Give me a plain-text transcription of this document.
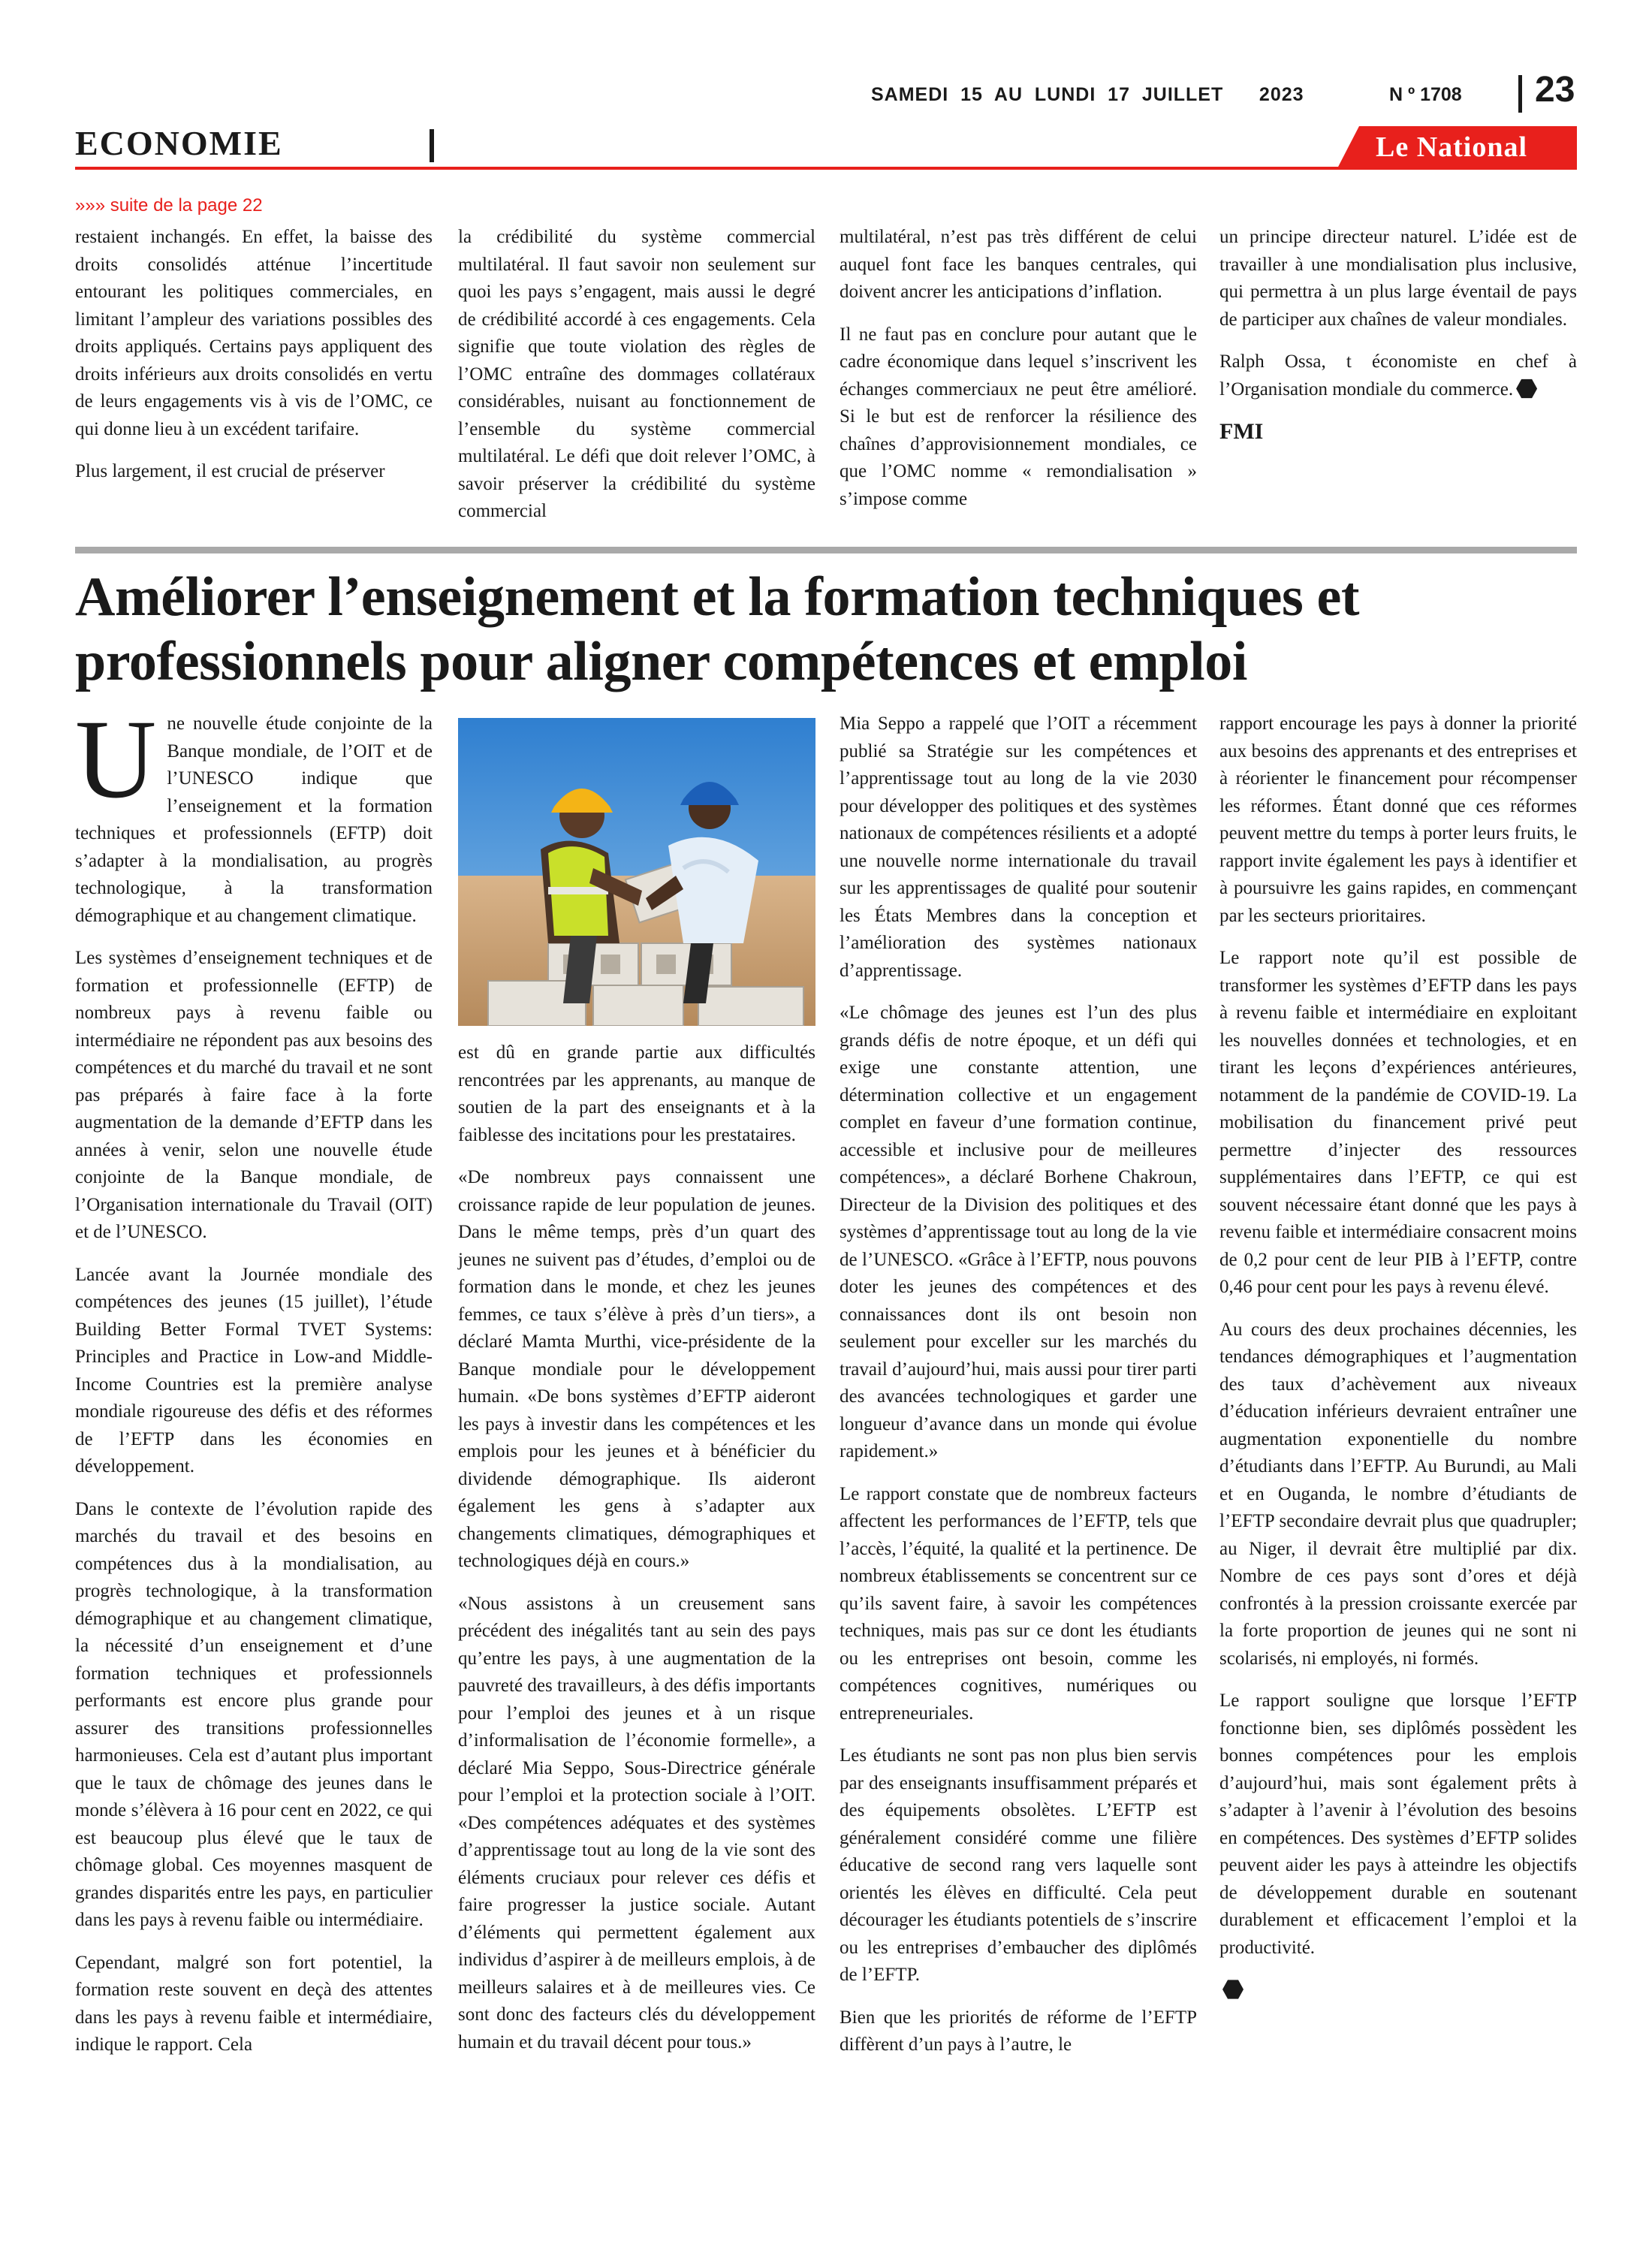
SAMEDI  15  AU  LUNDI  17  JUILLET      2023	N º 1708 23
ECONOMIE	Le National
»»» suite de la page 22

restaient inchangés. En effet, la baisse des droits consolidés atténue l’incertitude entourant les politiques commerciales, en limitant l’ampleur des variations possibles des droits appliqués. Certains pays appliquent des droits inférieurs aux droits consolidés en vertu de leurs engagements vis à vis de l’OMC, ce qui donne lieu à un excédent tarifaire.

Plus largement, il est crucial de préserver

la crédibilité du système commercial multilatéral. Il faut savoir non seulement sur quoi les pays s’engagent, mais aussi le degré de crédibilité accordé à ces engagements. Cela signifie que toute violation des règles de l’OMC entraîne des dommages collatéraux considérables, nuisant au fonctionnement de l’ensemble du système commercial multilatéral. Le défi que doit relever l’OMC, à savoir préserver la crédibilité du système commercial

multilatéral, n’est pas très différent de celui auquel font face les banques centrales, qui doivent ancrer les anticipations d’inflation.

Il ne faut pas en conclure pour autant que le cadre économique dans lequel s’inscrivent les échanges commerciaux ne peut être amélioré. Si le but est de renforcer la résilience des chaînes d’approvisionnement mondiales, ce que l’OMC nomme « remondialisation » s’impose comme

un principe directeur naturel. L’idée est de travailler à une mondialisation plus inclusive, qui permettra à un plus large éventail de pays de participer aux chaînes de valeur mondiales.

Ralph Ossa, t économiste en chef à l’Organisation mondiale du commerce.

FMI

Améliorer l’enseignement et la formation techniques et professionnels pour aligner compétences et emploi

Une nouvelle étude conjointe de la Banque mondiale, de l’OIT et de l’UNESCO indique que l’enseignement et la formation techniques et professionnels (EFTP) doit s’adapter à la mondialisation, au progrès technologique, à la transformation démographique et au changement climatique.

Les systèmes d’enseignement techniques et de formation et professionnelle (EFTP) de nombreux pays à revenu faible ou intermédiaire ne répondent pas aux besoins des compétences et du marché du travail et ne sont pas préparés à faire face à la forte augmentation de la demande d’EFTP dans les années à venir, selon une nouvelle étude conjointe de la Banque mondiale, de l’Organisation internationale du Travail (OIT) et de l’UNESCO.

Lancée avant la Journée mondiale des compétences des jeunes (15 juillet), l’étude Building Better Formal TVET Systems: Principles and Practice in Low-and Middle-Income Countries est la première analyse mondiale rigoureuse des défis et des réformes de l’EFTP dans les économies en développement.

Dans le contexte de l’évolution rapide des marchés du travail et des besoins en compétences dus à la mondialisation, au progrès technologique, à la transformation démographique et au changement climatique, la nécessité d’un enseignement et d’une formation techniques et professionnels performants est encore plus grande pour assurer des transitions professionnelles harmonieuses. Cela est d’autant plus important que le taux de chômage des jeunes dans le monde s’élèvera à 16 pour cent en 2022, ce qui est beaucoup plus élevé que le taux de chômage global. Ces moyennes masquent de grandes disparités entre les pays, en particulier dans les pays à revenu faible ou intermédiaire.

Cependant, malgré son fort potentiel, la formation reste souvent en deçà des attentes dans les pays à revenu faible et intermédiaire, indique le rapport. Cela

est dû en grande partie aux difficultés rencontrées par les apprenants, au manque de soutien de la part des enseignants et à la faiblesse des incitations pour les prestataires.

«De nombreux pays connaissent une croissance rapide de leur population de jeunes. Dans le même temps, près d’un quart des jeunes ne suivent pas d’études, d’emploi ou de formation dans le monde, et chez les jeunes femmes, ce taux s’élève à près d’un tiers», a déclaré Mamta Murthi, vice-présidente de la Banque mondiale pour le développement humain. «De bons systèmes d’EFTP aideront les pays à investir dans les compétences et les emplois pour les jeunes et à bénéficier du dividende démographique. Ils aideront également les gens à s’adapter aux changements climatiques, démographiques et technologiques déjà en cours.»

«Nous assistons à un creusement sans précédent des inégalités tant au sein des pays qu’entre les pays, à une augmentation de la pauvreté des travailleurs, à des défis importants pour l’emploi des jeunes et à un risque d’informalisation de l’économie formelle», a déclaré Mia Seppo, Sous-Directrice générale pour l’emploi et la protection sociale à l’OIT. «Des compétences adéquates et des systèmes d’apprentissage tout au long de la vie sont des éléments cruciaux pour relever ces défis et faire progresser la justice sociale. Autant d’éléments qui permettent également aux individus d’aspirer à de meilleurs emplois, à de meilleurs salaires et à de meilleures vies. Ce sont donc des facteurs clés du développement humain et du travail décent pour tous.»

Mia Seppo a rappelé que l’OIT a récemment publié sa Stratégie sur les compétences et l’apprentissage tout au long de la vie 2030 pour développer des politiques et des systèmes nationaux de compétences résilients et a adopté une nouvelle norme internationale du travail sur les apprentissages de qualité pour soutenir les États Membres dans la conception et l’amélioration des systèmes nationaux d’apprentissage.

«Le chômage des jeunes est l’un des plus grands défis de notre époque, et un défi qui exige une constante attention, une détermination collective et un engagement complet en faveur d’une formation continue, accessible et inclusive pour de meilleures compétences», a déclaré Borhene Chakroun, Directeur de la Division des politiques et des systèmes d’apprentissage tout au long de la vie de l’UNESCO. «Grâce à l’EFTP, nous pouvons doter les jeunes des compétences et des connaissances dont ils ont besoin non seulement pour exceller sur les marchés du travail d’aujourd’hui, mais aussi pour tirer parti des avancées technologiques et garder une longueur d’avance dans un monde qui évolue rapidement.»

Le rapport constate que de nombreux facteurs affectent les performances de l’EFTP, tels que l’accès, l’équité, la qualité et la pertinence. De nombreux établissements se concentrent sur ce qu’ils savent faire, à savoir les compétences techniques, mais pas sur ce dont les étudiants ou les entreprises ont besoin, comme les compétences cognitives, numériques ou entrepreneuriales.

Les étudiants ne sont pas non plus bien servis par des enseignants insuffisamment préparés et des équipements obsolètes. L’EFTP est généralement considéré comme une filière éducative de second rang vers laquelle sont orientés les élèves en difficulté. Cela peut décourager les étudiants potentiels de s’inscrire ou les entreprises d’embaucher des diplômés de l’EFTP.

Bien que les priorités de réforme de l’EFTP diffèrent d’un pays à l’autre, le

rapport encourage les pays à donner la priorité aux besoins des apprenants et des entreprises et à réorienter le financement pour récompenser les réformes. Étant donné que ces réformes peuvent mettre du temps à porter leurs fruits, le rapport invite également les pays à identifier et à poursuivre les gains rapides, en commençant par les secteurs prioritaires.

Le rapport note qu’il est possible de transformer les systèmes d’EFTP dans les pays à revenu faible et intermédiaire en exploitant les nouvelles données et technologies, et en tirant les leçons d’expériences antérieures, notamment de la pandémie de COVID-19. La mobilisation du financement privé peut permettre d’injecter des ressources supplémentaires dans l’EFTP, ce qui est souvent nécessaire étant donné que les pays à revenu faible et intermédiaire consacrent moins de 0,2 pour cent de leur PIB à l’EFTP, contre 0,46 pour cent pour les pays à revenu élevé.

Au cours des deux prochaines décennies, les tendances démographiques et l’augmentation des taux d’achèvement aux niveaux d’éducation inférieurs devraient entraîner une augmentation exponentielle du nombre d’étudiants dans l’EFTP. Au Burundi, au Mali et en Ouganda, le nombre d’étudiants de l’EFTP secondaire devrait plus que quadrupler; au Niger, il devrait être multiplié par dix. Nombre de ces pays sont d’ores et déjà confrontés à la pression croissante exercée par la forte proportion de jeunes qui ne sont ni scolarisés, ni employés, ni formés.

Le rapport souligne que lorsque l’EFTP fonctionne bien, ses diplômés possèdent les bonnes compétences pour les emplois d’aujourd’hui, mais sont également prêts à s’adapter à l’avenir à l’évolution des besoins en compétences. Des systèmes d’EFTP solides peuvent aider les pays à atteindre les objectifs de développement durable en soutenant durablement et efficacement l’emploi et la productivité.
